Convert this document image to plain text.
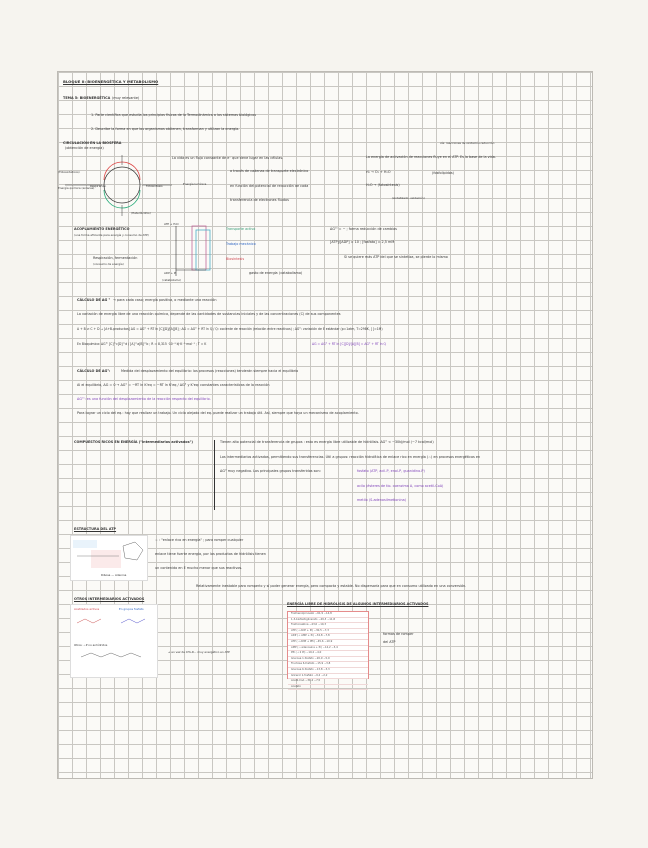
BLOQUE II: BIOENERGÉTICA Y METABOLISMO
TEMA 5: BIOENERGÉTICA (muy relevante)
1. Parte científica que estudia los principios físicos de la Termodinámica a los sistemas biológicos
2. Describe la forma en que los organismos obtienen, transforman y utilizan la energía.
CIRCULACIÓN EN LA BIOSFERA
(obtención de energía)
(Fotosintéticos)
Energía química (enlaces)
Respiración	Fotosíntesis	Energía lumínica
(Heterótrofos)
La vida es un flujo constante de e⁻ que tiene lugar en las células.
a través de cadenas de transporte electrónico
en función del potencial de reducción de cada
transferencia de electrones fluidos
vía: reacciones de oxidación-reducción
La energía de activación de reacciones fluye en el ATP. Es la base de la vida.
H₂ → O₂ + H₂O
H₂O → (fotosíntesis)
(fosfolipidos)
(sintetizado, oxidación)
ACOPLAMIENTO ENERGÉTICO
(una forma eficiente para energía y consumo de ATP)
Respiración, fermentación
(consumo de energía)
ATP + H₂O
ADP + Pᵢ
(catabolismo)
Transporte activo
Trabajo mecánico
Biosíntesis
gasto de energía
ΔG°' = − ; forma reducción de cambios
[ATP]/[ADP] ≈ 10 ; [fosfato] ≈ 2,5 mM
Si se quiere más ATP del que se sintetiza, se pierde lo mismo
(catabolismo)
CÁLCULO DE ΔG ° → para cada caso; energía positiva, o mediante una reacción
La variación de energía libre de una reacción química, depende de las cantidades de sustancias iniciales y de las concentraciones (C) de sus componentes
A + B ⇌ C + D → [A+B-productos] ΔG = ΔG° + RT ln [C][D]/[A][B] ; ΔG = ΔG° + RT ln Q / Q: cociente de reacción (relación entre reactivos) ; ΔG°: variación de E estándar (p=1atm, T=298K, [ ]=1M)
En Bioquímica: ΔG°' [C]^c[D]^d / [A]^a[B]^b ; R = 8,315 ·10⁻³ kJ·K⁻¹·mol⁻¹ ; T = K	ΔG = ΔG° + RT ln [C][D]/[A][B] = ΔG° + RT ln Q
CÁLCULO DE ΔG°:	Medida del desplazamiento del equilibrio: los procesos (reacciones) tenderán siempre hacia el equilibrio
Al el equilibrio, ΔG = 0 → ΔG° = −RT ln K'eq = −RT ln K'eq / ΔG° y K'eq: constantes características de la reacción
ΔG°': es una función del desplazamiento de la reacción respecto del equilibrio.
Para lograr un ciclo del eq.: hay que realizar un trabajo. Un ciclo alejado del eq. puede realizar un trabajo útil. Así, siempre que haya un mecanismo de acoplamiento.
COMPUESTOS RICOS EN ENERGÍA ("intermediarios activados")	Tienen alto potencial de transferencia de grupos : esto es energía libre utilizable de hidrólisis. ΔG° < −30kJ/mol (−7 kcal/mol)
Los intermediarios activados, permitiendo sus transferencias. Útil a grupos: reacción hidrolítica de enlace rico en energía (∼) en procesos energéticos en
ΔG° muy negativo. Los principales grupos transferidos son:	fosfato (ATP, acil-P, enol-P, guanidino-P)
acilo (ésteres de tio. coenzima A, como acetil-CoA)
metilo (S-adenosilmetionina)
ESTRUCTURA DEL ATP
Ribosa — Adenina
∼ : "enlace rico en energía" ; para romper cualquier
enlace tiene fuerte energía, por los productos de hidrólisis tienen
un contenido en E mucho menor que sus reactivos.
Relativamente inestable para romperlo y sí poder generar energía, pero compacta y estable. No dispersaría para que en consumo utilizado en una conversión.
OTROS INTERMEDIARIOS ACTIVADOS
Acetilados activos	En grupos fosfato
Otros: ∼P no anhídridos
→ en vez de CH₃-R... muy energético en ATP
ENERGÍA LIBRE DE HIDRÓLISIS DE ALGUNOS INTERMEDIARIOS ACTIVADOS
Fosfoenolpiruvato −61,9 −14,8
1,3-bisfosfoglicerato −49,3 −11,8
Fosfocreatina −43,0 −10,3
ATP (→ ADP + Pi) −30,5 −7,3
ADP (→ AMP + Pi) −32,8 −7,8
ATP (→ AMP + PPi) −45,6 −10,9
AMP (→ adenosina + Pi) −14,2 −3,4
PPi (→ 2 Pi) −19,2 −4,0
Glucosa 1-fosfato −20,9 −5,0
Fructosa 6-fosfato −15,9 −3,8
Glucosa 6-fosfato −13,8 −3,3
Glicerol 1-fosfato −9,2 −2,2
Acetil-CoA −31,4 −7,5
Acetato
formas de romper
del ATP
